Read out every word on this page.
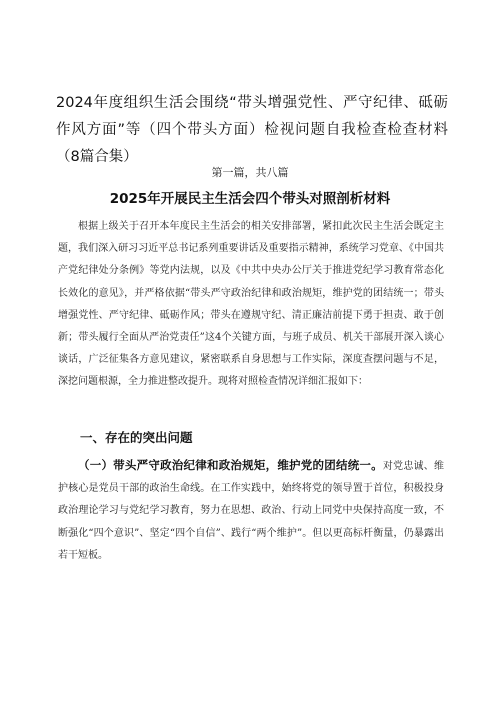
2024年度组织生活会围绕“带头增强党性、严守纪律、砥砺作风方面”等（四个带头方面）检视问题自我检查检查材料（8篇合集）

第一篇，共八篇

2025年开展民主生活会四个带头对照剖析材料

根据上级关于召开本年度民主生活会的相关安排部署，紧扣此次民主生活会既定主题，我们深入研习习近平总书记系列重要讲话及重要指示精神，系统学习党章、《中国共产党纪律处分条例》等党内法规，以及《中共中央办公厅关于推进党纪学习教育常态化长效化的意见》，并严格依据“带头严守政治纪律和政治规矩，维护党的团结统一；带头增强党性、严守纪律、砥砺作风；带头在遵规守纪、清正廉洁前提下勇于担责、敢于创新；带头履行全面从严治党责任”这4个关键方面，与班子成员、机关干部展开深入谈心谈话，广泛征集各方意见建议，紧密联系自身思想与工作实际，深度查摆问题与不足，深挖问题根源，全力推进整改提升。现将对照检查情况详细汇报如下：

一、存在的突出问题

（一）带头严守政治纪律和政治规矩，维护党的团结统一。对党忠诚、维护核心是党员干部的政治生命线。在工作实践中，始终将党的领导置于首位，积极投身政治理论学习与党纪学习教育，努力在思想、政治、行动上同党中央保持高度一致，不断强化“四个意识”、坚定“四个自信”、践行“两个维护”。但以更高标杆衡量，仍暴露出若干短板。
